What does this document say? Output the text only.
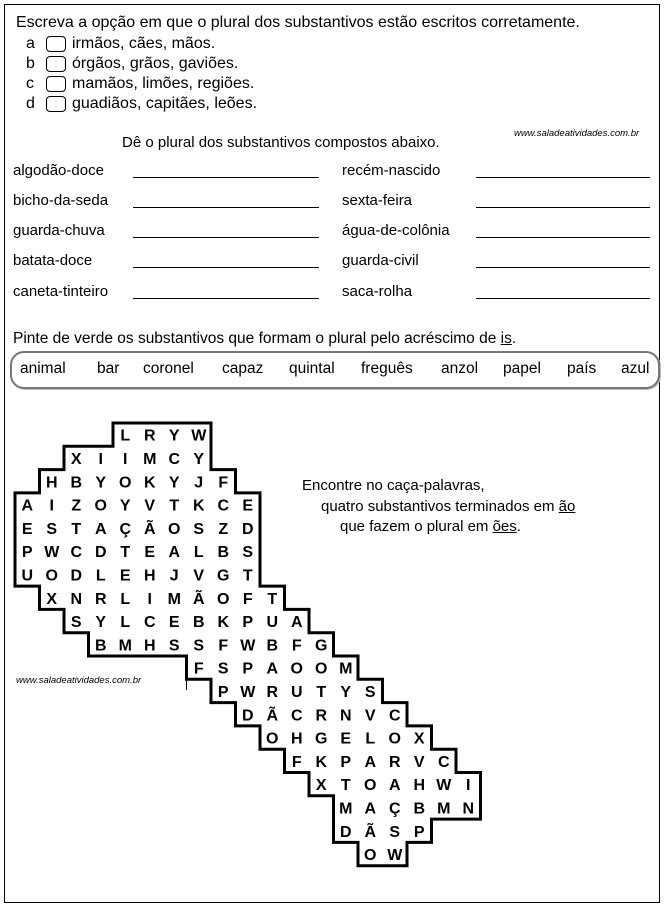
Escreva a opção em que o plural dos substantivos estão escritos corretamente.
a	irmãos, cães, mãos.
b	órgãos, grãos, gaviões.
c	mamãos, limões, regiões.
d	guadiãos, capitães, leões.
www.saladeatividades.com.br
Dê o plural dos substantivos compostos abaixo.
algodão-doce	recém-nascido
bicho-da-seda	sexta-feira
guarda-chuva	água-de-colônia
batata-doce	guarda-civil
caneta-tinteiro	saca-rolha
Pinte de verde os substantivos que formam o plural pelo acréscimo de is.
animal bar coronel capaz quintal freguês anzol papel país azul
L R Y W
X I I M C Y
H B Y O K Y J F
A I Z O Y V T K C E
E S T A Ç Ã O S Z D
P W C D T E A L B S
U O D L E H J V G T
X N R L I M Ã O F T
S Y L C E B K P U A
B M H S S F W B F G
F S P A O O M
P W R U T Y S
D Ã C R N V C
O H G E L O X
F K P A R V C
X T O A H W I
M A Ç B M N
D Ã S P
O W
www.saladeatividades.com.br
Encontre no caça-palavras,
quatro substantivos terminados em ão
que fazem o plural em ões.
